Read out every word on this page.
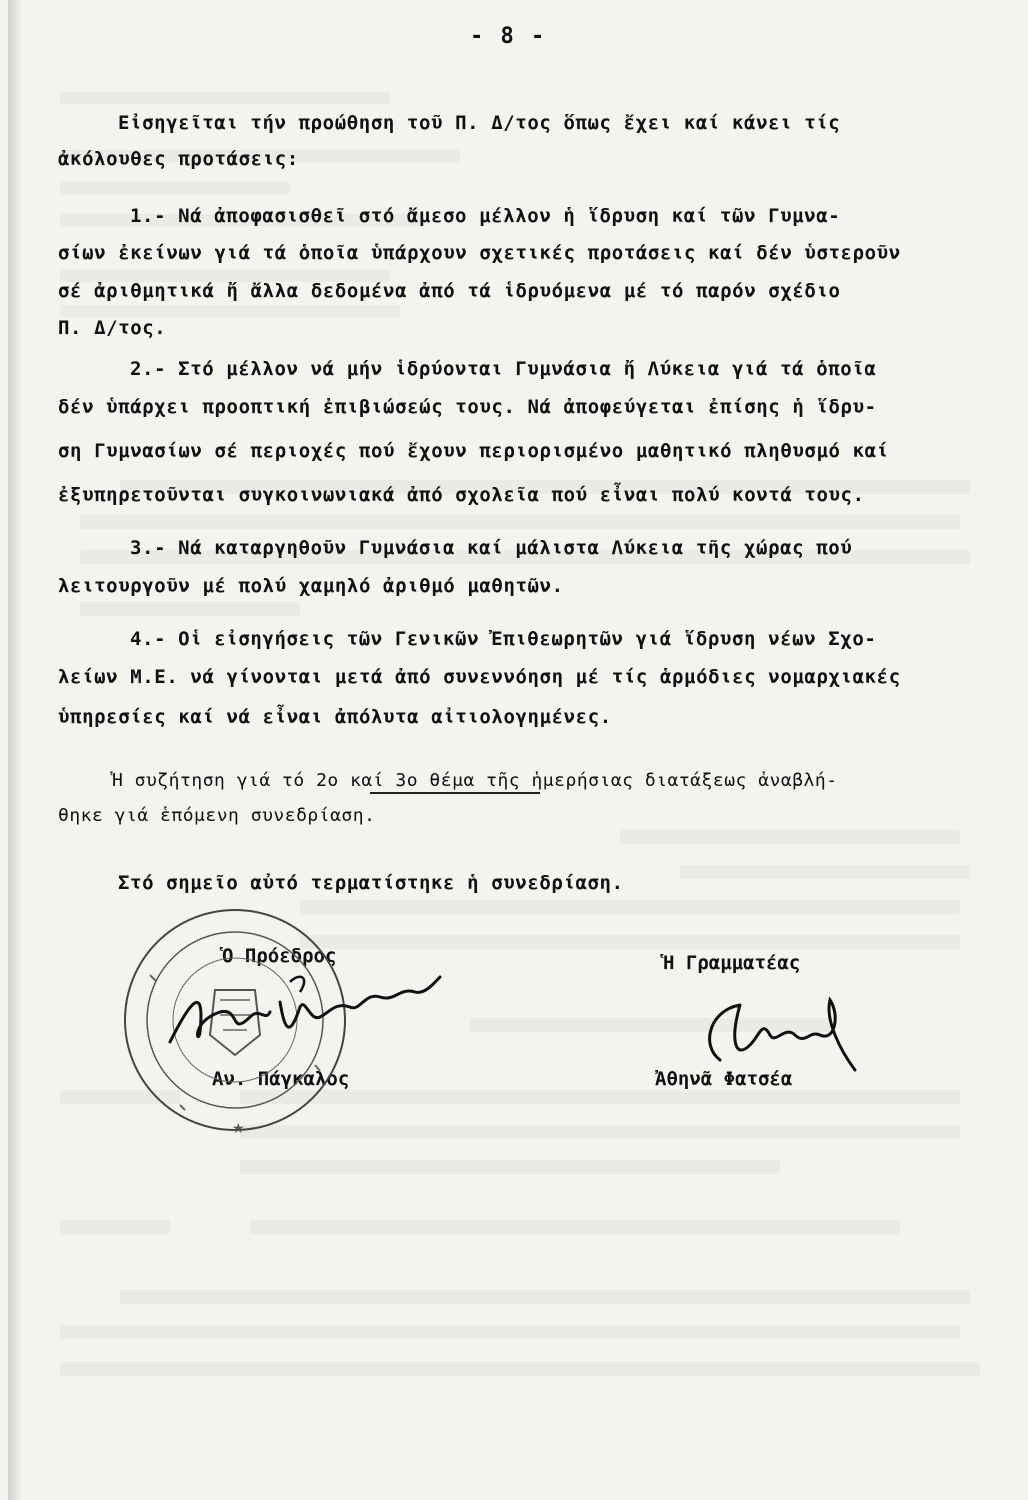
- 8 -
Εἰσηγεῖται τήν προώθηση τοῦ Π. Δ/τος ὅπως ἔχει καί κάνει τίς
ἀκόλουθες προτάσεις:
1.- Νά ἀποφασισθεῖ στό ἄμεσο μέλλον ἡ ἵδρυση καί τῶν Γυμνα-
σίων ἐκείνων γιά τά ὁποῖα ὑπάρχουν σχετικές προτάσεις καί δέν ὑστεροῦν
σέ ἀριθμητικά ἤ ἄλλα δεδομένα ἀπό τά ἱδρυόμενα μέ τό παρόν σχέδιο
Π. Δ/τος.
2.- Στό μέλλον νά μήν ἱδρύονται Γυμνάσια ἤ Λύκεια γιά τά ὁποῖα
δέν ὑπάρχει προοπτική ἐπιβιώσεώς τους. Νά ἀποφεύγεται ἐπίσης ἡ ἵδρυ-
ση Γυμνασίων σέ περιοχές πού ἔχουν περιορισμένο μαθητικό πληθυσμό καί
ἐξυπηρετοῦνται συγκοινωνιακά ἀπό σχολεῖα πού εἶναι πολύ κοντά τους.
3.- Νά καταργηθοῦν Γυμνάσια καί μάλιστα Λύκεια τῆς χώρας πού
λειτουργοῦν μέ πολύ χαμηλό ἀριθμό μαθητῶν.
4.- Οἱ εἰσηγήσεις τῶν Γενικῶν Ἐπιθεωρητῶν γιά ἵδρυση νέων Σχο-
λείων Μ.Ε. νά γίνονται μετά ἀπό συνεννόηση μέ τίς ἁρμόδιες νομαρχιακές
ὑπηρεσίες καί νά εἶναι ἀπόλυτα αἰτιολογημένες.
Ἡ συζήτηση γιά τό 2ο καί 3ο θέμα τῆς ἡμερήσιας διατάξεως ἀναβλή-
θηκε γιά ἑπόμενη συνεδρίαση.
Στό σημεῖο αὐτό τερματίστηκε ἡ συνεδρίαση.
Ὁ Πρόεδρος	Ἡ Γραμματέας
Αν. Πάγκαλος	Ἀθηνᾶ Φατσέα
★
